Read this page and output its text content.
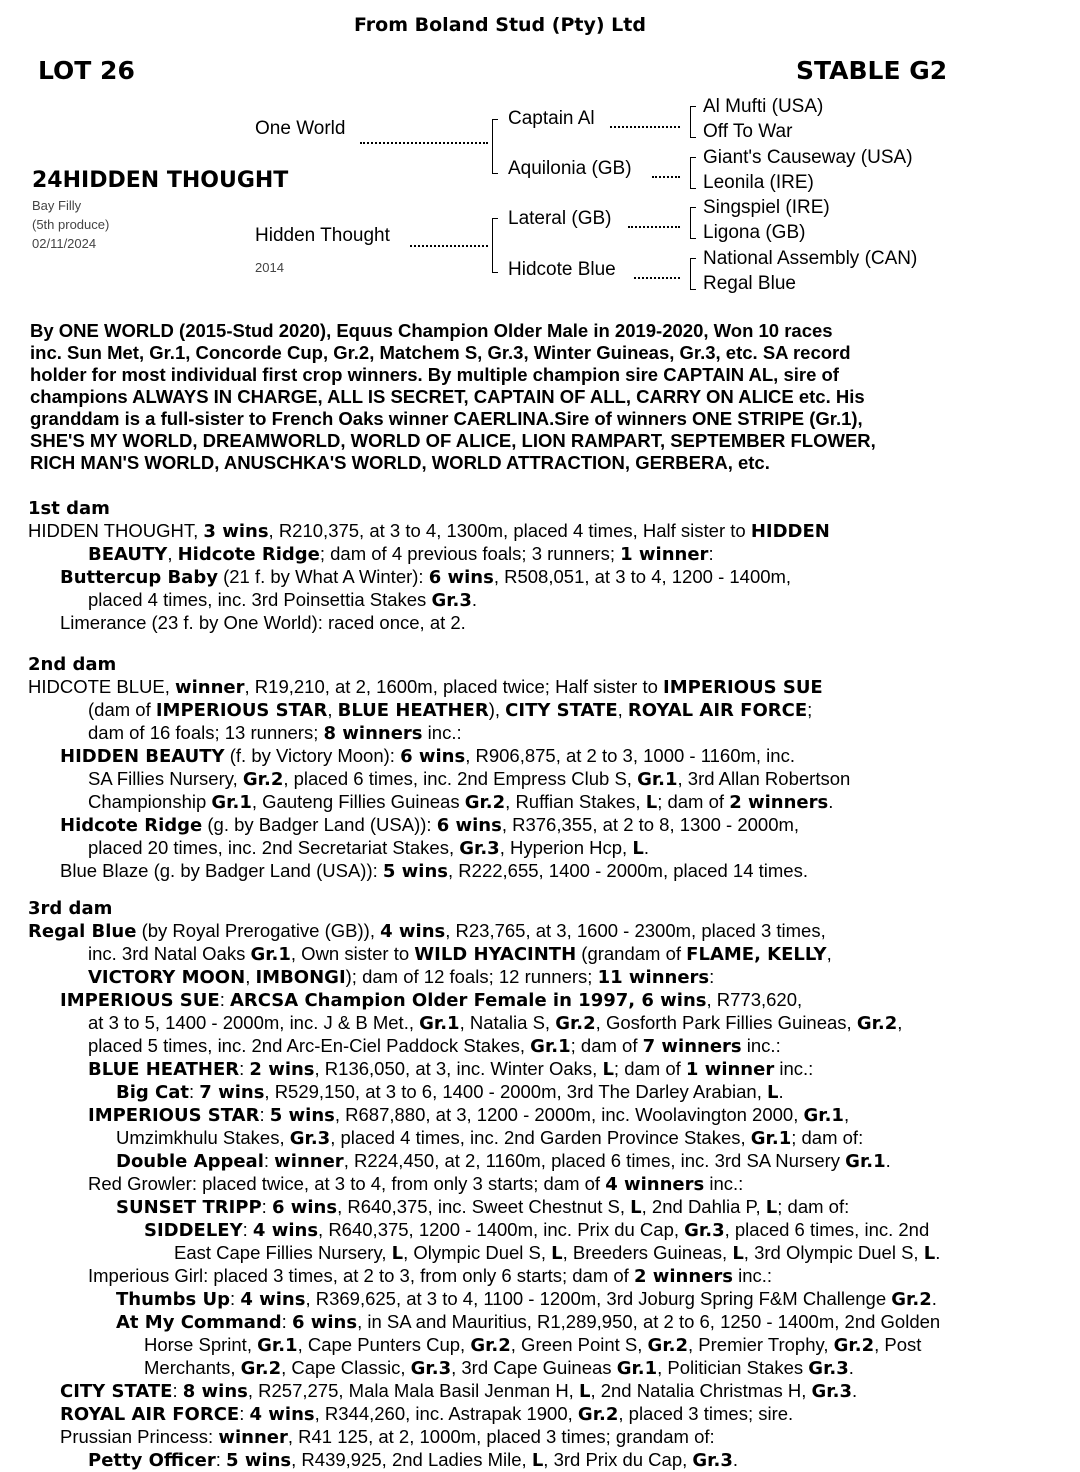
From Boland Stud (Pty) Ltd
LOT 26	STABLE G2
24HIDDEN THOUGHT
Bay Filly
(5th produce)
02/11/2024
One World
Hidden Thought
2014
Captain Al
Aquilonia (GB)
Lateral (GB)
Hidcote Blue
Al Mufti (USA)
Off To War
Giant's Causeway (USA)
Leonila (IRE)
Singspiel (IRE)
Ligona (GB)
National Assembly (CAN)
Regal Blue
By ONE WORLD (2015-Stud 2020), Equus Champion Older Male in 2019-2020, Won 10 races
inc. Sun Met, Gr.1, Concorde Cup, Gr.2, Matchem S, Gr.3, Winter Guineas, Gr.3, etc. SA record
holder for most individual first crop winners. By multiple champion sire CAPTAIN AL, sire of
champions ALWAYS IN CHARGE, ALL IS SECRET, CAPTAIN OF ALL, CARRY ON ALICE etc. His
granddam is a full-sister to French Oaks winner CAERLINA.Sire of winners ONE STRIPE (Gr.1),
SHE'S MY WORLD, DREAMWORLD, WORLD OF ALICE, LION RAMPART, SEPTEMBER FLOWER,
RICH MAN'S WORLD, ANUSCHKA'S WORLD, WORLD ATTRACTION, GERBERA, etc.
1st dam
HIDDEN THOUGHT, 3 wins, R210,375, at 3 to 4, 1300m, placed 4 times, Half sister to HIDDEN
BEAUTY, Hidcote Ridge; dam of 4 previous foals; 3 runners; 1 winner:
Buttercup Baby (21 f. by What A Winter): 6 wins, R508,051, at 3 to 4, 1200 - 1400m,
placed 4 times, inc. 3rd Poinsettia Stakes Gr.3.
Limerance (23 f. by One World): raced once, at 2.
2nd dam
HIDCOTE BLUE, winner, R19,210, at 2, 1600m, placed twice; Half sister to IMPERIOUS SUE
(dam of IMPERIOUS STAR, BLUE HEATHER), CITY STATE, ROYAL AIR FORCE;
dam of 16 foals; 13 runners; 8 winners inc.:
HIDDEN BEAUTY (f. by Victory Moon): 6 wins, R906,875, at 2 to 3, 1000 - 1160m, inc.
SA Fillies Nursery, Gr.2, placed 6 times, inc. 2nd Empress Club S, Gr.1, 3rd Allan Robertson
Championship Gr.1, Gauteng Fillies Guineas Gr.2, Ruffian Stakes, L; dam of 2 winners.
Hidcote Ridge (g. by Badger Land (USA)): 6 wins, R376,355, at 2 to 8, 1300 - 2000m,
placed 20 times, inc. 2nd Secretariat Stakes, Gr.3, Hyperion Hcp, L.
Blue Blaze (g. by Badger Land (USA)): 5 wins, R222,655, 1400 - 2000m, placed 14 times.
3rd dam
Regal Blue (by Royal Prerogative (GB)), 4 wins, R23,765, at 3, 1600 - 2300m, placed 3 times,
inc. 3rd Natal Oaks Gr.1, Own sister to WILD HYACINTH (grandam of FLAME, KELLY,
VICTORY MOON, IMBONGI); dam of 12 foals; 12 runners; 11 winners:
IMPERIOUS SUE: ARCSA Champion Older Female in 1997, 6 wins, R773,620,
at 3 to 5, 1400 - 2000m, inc. J & B Met., Gr.1, Natalia S, Gr.2, Gosforth Park Fillies Guineas, Gr.2,
placed 5 times, inc. 2nd Arc-En-Ciel Paddock Stakes, Gr.1; dam of 7 winners inc.:
BLUE HEATHER: 2 wins, R136,050, at 3, inc. Winter Oaks, L; dam of 1 winner inc.:
Big Cat: 7 wins, R529,150, at 3 to 6, 1400 - 2000m, 3rd The Darley Arabian, L.
IMPERIOUS STAR: 5 wins, R687,880, at 3, 1200 - 2000m, inc. Woolavington 2000, Gr.1,
Umzimkhulu Stakes, Gr.3, placed 4 times, inc. 2nd Garden Province Stakes, Gr.1; dam of:
Double Appeal: winner, R224,450, at 2, 1160m, placed 6 times, inc. 3rd SA Nursery Gr.1.
Red Growler: placed twice, at 3 to 4, from only 3 starts; dam of 4 winners inc.:
SUNSET TRIPP: 6 wins, R640,375, inc. Sweet Chestnut S, L, 2nd Dahlia P, L; dam of:
SIDDELEY: 4 wins, R640,375, 1200 - 1400m, inc. Prix du Cap, Gr.3, placed 6 times, inc. 2nd
East Cape Fillies Nursery, L, Olympic Duel S, L, Breeders Guineas, L, 3rd Olympic Duel S, L.
Imperious Girl: placed 3 times, at 2 to 3, from only 6 starts; dam of 2 winners inc.:
Thumbs Up: 4 wins, R369,625, at 3 to 4, 1100 - 1200m, 3rd Joburg Spring F&M Challenge Gr.2.
At My Command: 6 wins, in SA and Mauritius, R1,289,950, at 2 to 6, 1250 - 1400m, 2nd Golden
Horse Sprint, Gr.1, Cape Punters Cup, Gr.2, Green Point S, Gr.2, Premier Trophy, Gr.2, Post
Merchants, Gr.2, Cape Classic, Gr.3, 3rd Cape Guineas Gr.1, Politician Stakes Gr.3.
CITY STATE: 8 wins, R257,275, Mala Mala Basil Jenman H, L, 2nd Natalia Christmas H, Gr.3.
ROYAL AIR FORCE: 4 wins, R344,260, inc. Astrapak 1900, Gr.2, placed 3 times; sire.
Prussian Princess: winner, R41 125, at 2, 1000m, placed 3 times; grandam of:
Petty Officer: 5 wins, R439,925, 2nd Ladies Mile, L, 3rd Prix du Cap, Gr.3.
